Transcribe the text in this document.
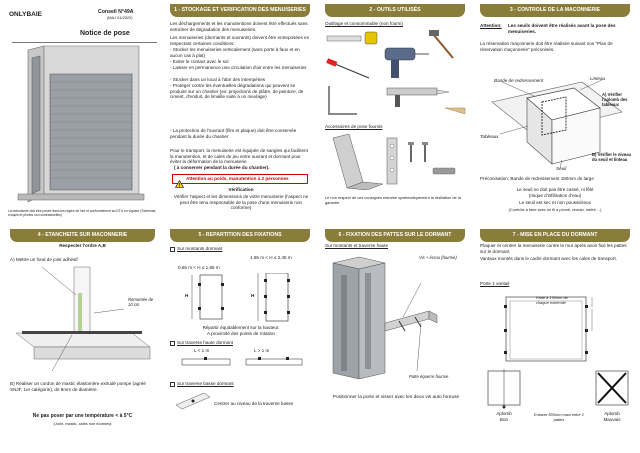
ONLYBAIE	Conseil N°49A
(MAJ 01/2022)
Notice de pose
La menuiserie doit être posée dans les règles de l'art et conformément au DTU en vigueur (Schémas, croquis et photos non contractuelles)
1 - STOCKAGE ET VERIFICATION DES MENUISERIES
Les déchargements et les manutentions doivent être effectués sans entraîner de dégradation des menuiseries.
Les menuiseries (dormants et ouvrants) doivent être entreposées en respectant certaines conditions:
- Stocker les menuiseries verticalement (sans porte à faux et en aucun cas à plat)
- Eviter le contact avec le sol
- Laisser en permanence une circulation d'air entre les menuiseries
- Stocker dans un local à l'abri des intempéries
- Protéger contre les éventuelles dégradations qui peuvent se produire sur un chantier (ex: projections de plâtre, de peinture, de ciment, d'enduit, de limaille suite à un meulage)
- La protection de l'ouvrant (film et plaque) doit être conservée pendant la durée du chantier
Pour le transport, la menuiserie est équipée de sangles qui facilitent la manutention, et de cales de jeu entre ouvrant et dormant pour éviter la déformation de la menuiserie
( à conserver pendant la durée du chantier).
!
Attention au poids, manutention à 2 personnes
Vérification
Vérifier l'aspect et les dimensions de votre menuiserie (l'aspect ne peut être tenu responsable de la pose d'une menuiserie non conforme)
2 - OUTILS UTILISÉS
Outillage et consommable (non fourni)
Accessoires de pose fournis
Le non respect de ces consignes entraine systématiquement la résiliation de la garantie.
3 - CONTROLE DE LA MACONNERIE
Attention: Les seuils doivent être réalisés avant la pose des menuiseries.
La réservation maçonnerie doit être réalisée suivant nos "Plan de réservation maçonnerie" préconisés.
Bande de redressement	Linteau
A) Vérifier l'aplomb des tableaux
Tableaux
B) Vérifier le niveau du seuil et linteau
Seuil
Préconisation: Bande de redressement 150mm de large
Le seuil ne doit pas être cassé, ni fêlé
(risque d'infiltration d'eau)
Le seuil est sec et non poussiéreux
(Contrôle à faire avec un fil à plomb, niveau, mètre ...)
4 - ETANCHEITE SUR MACONNERIE
Respecter l'ordre A,B
A) Mettre un fond de joint adhésif
Remontée de 10 cm
B) Réaliser un cordon de mastic élastomère extrudé pompe (agréé SNJF, 1er catégorie), de 8mm de diamètre.
Ne pas poser par une température < à 5°C
(Joint, mastic, cales non fournies)
5 - REPARTITION DES FIXATIONS
Sur montants dormant
0,65 m < H ≤ 1,65 m
1,65 m < H ≤ 2,45 m
H	H
Répartir équitablement sur la hauteur.
A proximité des points de rotation
Sur traverse haute dormant
L < 1 m	L > 1 m
Sur traverse basse dormant
Centrer au niveau de la traverse basse
6 - FIXATION DES PATTES SUR LE DORMANT
Sur montants et traverse haute
Vis + écrou (fournie)
Patte équerre fournie
Positionner la porte et visser avec les deux vis auto foreuse
7 - MISE EN PLACE DU DORMANT
Plaquer et centrer la menuiserie contre le mur après avoir fixé les pattes sur le dormant
Vantaux montés dans le cadre dormant avec les cales de transport.
Porte 1 vantail
Patte à 150mm de chaque extrémité
Aplomb
Bon
Entraxe 800mm maxi entre 2 pattes
Aplomb
Mauvais
